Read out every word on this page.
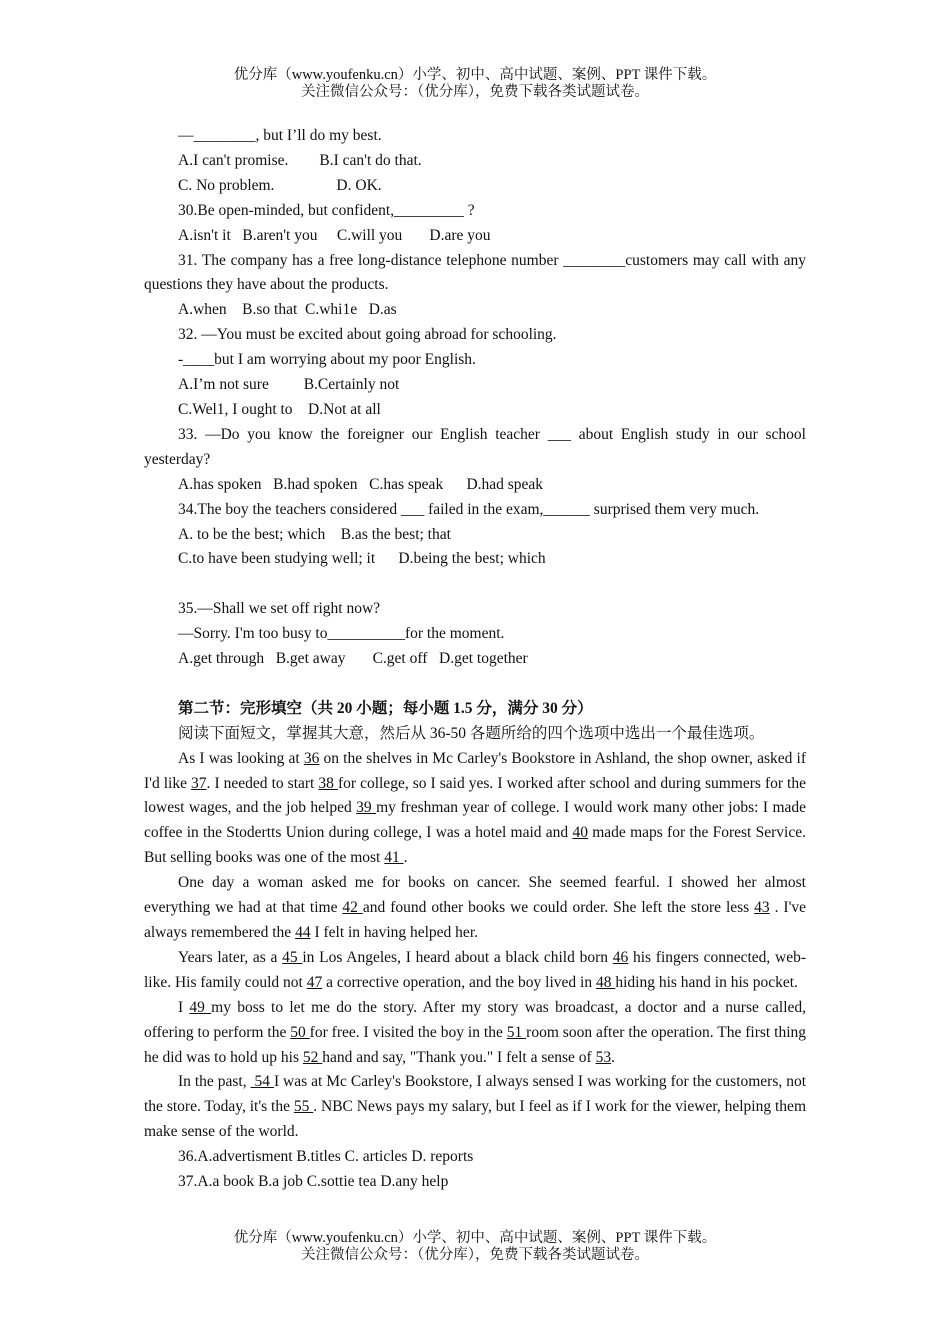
优分库（www.youfenku.cn）小学、初中、高中试题、案例、PPT 课件下载。
关注微信公众号：（优分库），免费下载各类试题试卷。
—________, but I’ll do my best.
A.I can't promise.        B.I can't do that.
C. No problem.                D. OK.
30.Be open-minded, but confident,_________ ?
A.isn't it   B.aren't you     C.will you       D.are you
31. The company has a free long-distance telephone number ________customers may call with any questions they have about the products.
A.when    B.so that  C.whi1e   D.as
32. —You must be excited about going abroad for schooling.
-____but I am worrying about my poor English.
A.I’m not sure         B.Certainly not
C.Wel1, I ought to    D.Not at all
33. —Do you know the foreigner our English teacher ___ about English study in our school yesterday?
A.has spoken   B.had spoken   C.has speak      D.had speak
34.The boy the teachers considered ___ failed in the exam,______ surprised them very much.
A. to be the best; which    B.as the best; that
C.to have been studying well; it      D.being the best; which
35.—Shall we set off right now?
—Sorry. I'm too busy to__________for the moment.
A.get through   B.get away       C.get off   D.get together
第二节：完形填空（共 20 小题；每小题 1.5 分，满分 30 分）
阅读下面短文，掌握其大意，然后从 36-50 各题所给的四个选项中选出一个最佳选项。
As I was looking at 36 on the shelves in Mc Carley's Bookstore in Ashland, the shop owner, asked if I'd like 37. I needed to start 38 for college, so I said yes. I worked after school and during summers for the lowest wages, and the job helped 39 my freshman year of college. I would work many other jobs: I made coffee in the Stodertts Union during college, I was a hotel maid and 40 made maps for the Forest Service. But selling books was one of the most 41 .
One day a woman asked me for books on cancer. She seemed fearful. I showed her almost everything we had at that time 42 and found other books we could order. She left the store less 43 . I've always remembered the 44 I felt in having helped her.
Years later, as a 45 in Los Angeles, I heard about a black child born 46 his fingers connected, web-like. His family could not 47 a corrective operation, and the boy lived in 48 hiding his hand in his pocket.
I 49 my boss to let me do the story. After my story was broadcast, a doctor and a nurse called, offering to perform the 50 for free. I visited the boy in the 51 room soon after the operation. The first thing he did was to hold up his 52 hand and say, "Thank you." I felt a sense of 53.
In the past,  54 I was at Mc Carley's Bookstore, I always sensed I was working for the customers, not the store. Today, it's the 55 . NBC News pays my salary, but I feel as if I work for the viewer, helping them make sense of the world.
36.A.advertisment B.titles C. articles D. reports
37.A.a book B.a job C.sottie tea D.any help
优分库（www.youfenku.cn）小学、初中、高中试题、案例、PPT 课件下载。
关注微信公众号：（优分库），免费下载各类试题试卷。
